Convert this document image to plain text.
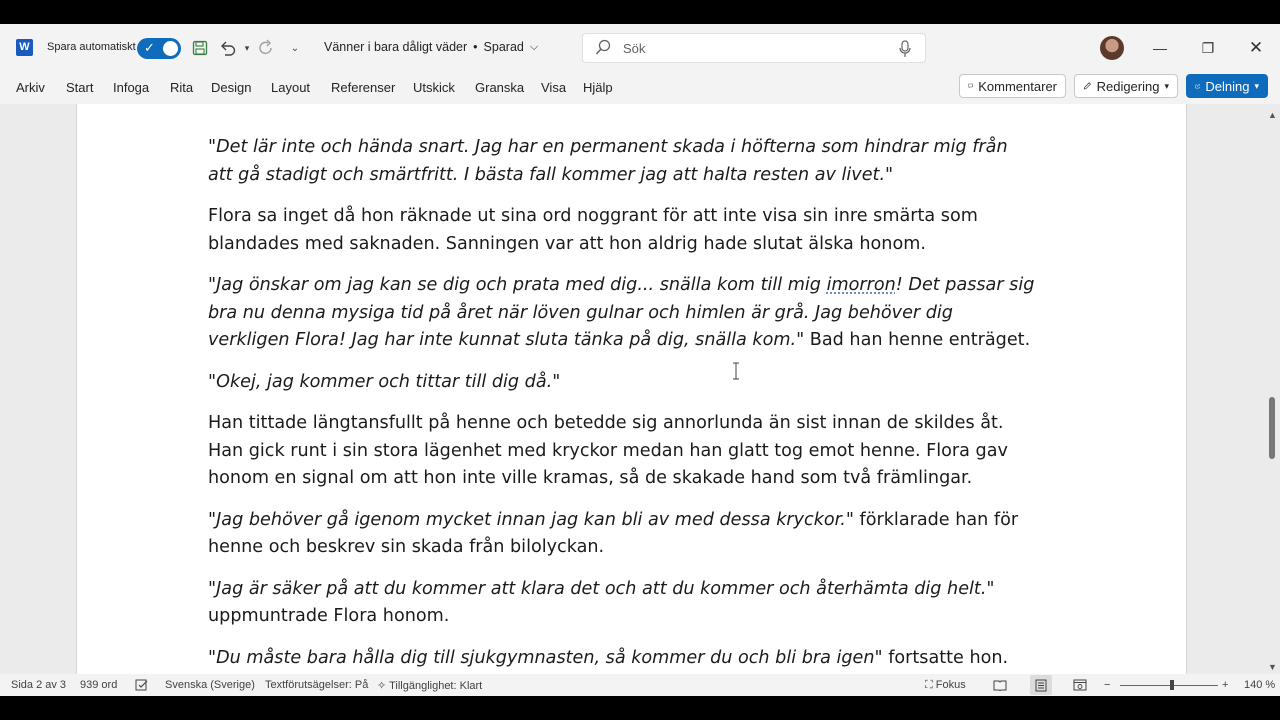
W	Spara automatiskt ✓	▾	⌄	Vänner i bara dåligt väder • Sparad ⌵	Sök	—	❐	✕
Arkiv Start Infoga Rita Design Layout Referenser Utskick Granska Visa Hjälp	Kommentarer	Redigering ▾	Delning ▾

"Det lär inte och hända snart. Jag har en permanent skada i höfterna som hindrar mig från
att gå stadigt och smärtfritt. I bästa fall kommer jag att halta resten av livet."

Flora sa inget då hon räknade ut sina ord noggrant för att inte visa sin inre smärta som
blandades med saknaden. Sanningen var att hon aldrig hade slutat älska honom.

"Jag önskar om jag kan se dig och prata med dig... snälla kom till mig imorron! Det passar sig
bra nu denna mysiga tid på året när löven gulnar och himlen är grå. Jag behöver dig
verkligen Flora! Jag har inte kunnat sluta tänka på dig, snälla kom." Bad han henne enträget.

"Okej, jag kommer och tittar till dig då."

Han tittade längtansfullt på henne och betedde sig annorlunda än sist innan de skildes åt.
Han gick runt i sin stora lägenhet med kryckor medan han glatt tog emot henne. Flora gav
honom en signal om att hon inte ville kramas, så de skakade hand som två främlingar.

"Jag behöver gå igenom mycket innan jag kan bli av med dessa kryckor." förklarade han för
henne och beskrev sin skada från bilolyckan.

"Jag är säker på att du kommer att klara det och att du kommer och återhämta dig helt."
uppmuntrade Flora honom.

"Du måste bara hålla dig till sjukgymnasten, så kommer du och bli bra igen" fortsatte hon.

▲
▼
Sida 2 av 3 939 ord	Svenska (Sverige) Textförutsägelser: På ✧ Tillgänglighet: Klart	⛶ Fokus	−	+ 140 %
